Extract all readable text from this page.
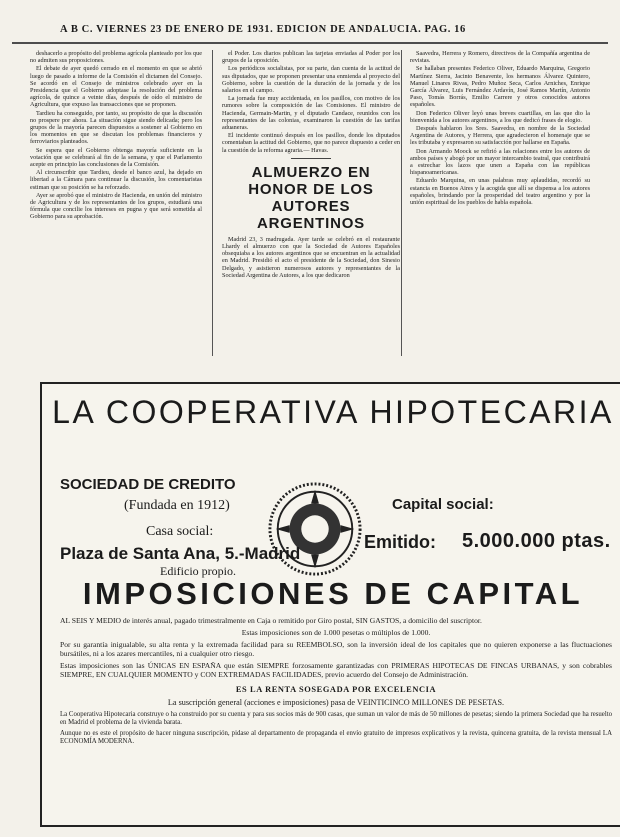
A B C. VIERNES 23 DE ENERO DE 1931. EDICION DE ANDALUCIA. PAG. 16

deshacerlo a propósito del problema agrícola planteado por los que no admiten sus proposiciones.

El debate de ayer quedó cerrado en el momento en que se abrió luego de pasado a informe de la Comisión el dictamen del Consejo. Se acordó en el Consejo de ministros celebrado ayer en la Presidencia que el Gobierno adoptase la resolución del problema agrícola, de quince a veinte días, después de oído el ministro de Agricultura, que expuso las transacciones que se proponen.

Tardieu ha conseguido, por tanto, su propósito de que la discusión no prospere por ahora. La situación sigue siendo delicada; pero los grupos de la mayoría parecen dispuestos a sostener al Gobierno en los momentos en que se discutan los problemas financieros y ferroviarios planteados.

Se espera que el Gobierno obtenga mayoría suficiente en la votación que se celebrará al fin de la semana, y que el Parlamento acepte en principio las conclusiones de la Comisión.

Al circunscribir que Tardieu, desde el banco azul, ha dejado en libertad a la Cámara para continuar la discusión, los comentaristas estiman que su posición se ha reforzado.

Ayer se aprobó que el ministro de Hacienda, en unión del ministro de Agricultura y de los representantes de los grupos, estudiará una fórmula que concilie los intereses en pugna y que será sometida al Gobierno para su aprobación.

el Poder. Los diarios publican las tarjetas enviadas al Poder por los grupos de la oposición.

Los periódicos socialistas, por su parte, dan cuenta de la actitud de sus diputados, que se proponen presentar una enmienda al proyecto del Gobierno, sobre la cuestión de la duración de la jornada y de los salarios en el campo.

La jornada fue muy accidentada, en los pasillos, con motivo de los rumores sobre la composición de las Comisiones. El ministro de Hacienda, Germain-Martin, y el diputado Candace, reunidos con los representantes de las colonias, examinaron la cuestión de las tarifas aduaneras.

El incidente continuó después en los pasillos, donde los diputados comentaban la actitud del Gobierno, que no parece dispuesto a ceder en la cuestión de la reforma agraria.— Havas.

ALMUERZO EN HONOR DE LOS AUTORES ARGENTINOS

Madrid 23, 3 madrugada. Ayer tarde se celebró en el restaurante Lhardy el almuerzo con que la Sociedad de Autores Españoles obsequiaba a los autores argentinos que se encuentran en la actualidad en Madrid. Presidió el acto el presidente de la Sociedad, don Sinesio Delgado, y asistieron numerosos autores y representantes de la Sociedad Argentina de Autores, a los que dedicaron

Saavedra, Herrera y Romero, directivos de la Compañía argentina de revistas.

Se hallaban presentes Federico Oliver, Eduardo Marquina, Gregorio Martínez Sierra, Jacinto Benavente, los hermanos Álvarez Quintero, Manuel Linares Rivas, Pedro Muñoz Seca, Carlos Arniches, Enrique García Álvarez, Luis Fernández Ardavín, José Ramos Martín, Antonio Paso, Tomás Borrás, Emilio Carrere y otros conocidos autores españoles.

Don Federico Oliver leyó unas breves cuartillas, en las que dio la bienvenida a los autores argentinos, a los que dedicó frases de elogio.

Después hablaron los Sres. Saavedra, en nombre de la Sociedad Argentina de Autores, y Herrera, que agradecieron el homenaje que se les tributaba y expresaron su satisfacción por hallarse en España.

Don Armando Moock se refirió a las relaciones entre los autores de ambos países y abogó por un mayor intercambio teatral, que contribuirá a estrechar los lazos que unen a España con las repúblicas hispanoamericanas.

Eduardo Marquina, en unas palabras muy aplaudidas, recordó su estancia en Buenos Aires y la acogida que allí se dispensa a los autores españoles, brindando por la prosperidad del teatro argentino y por la unión espiritual de los pueblos de habla española.

LA COOPERATIVA HIPOTECARIA
SOCIEDAD DE CREDITO
(Fundada en 1912)	Capital social:
Emitido: 5.000.000 ptas.
Casa social:
Plaza de Santa Ana, 5.-Madrid
Edificio propio.
IMPOSICIONES DE CAPITAL

AL SEIS Y MEDIO de interés anual, pagado trimestralmente en Caja o remitido por Giro postal, SIN GASTOS, a domicilio del suscriptor.

Estas imposiciones son de 1.000 pesetas o múltiplos de 1.000.

Por su garantía inigualable, su alta renta y la extremada facilidad para su REEMBOLSO, son la inversión ideal de los capitales que no quieren exponerse a las fluctuaciones bursátiles, ni a los azares mercantiles, ni a cualquier otro riesgo.

Estas imposiciones son las ÚNICAS EN ESPAÑA que están SIEMPRE forzosamente garantizadas con PRIMERAS HIPOTECAS DE FINCAS URBANAS, y son cobrables SIEMPRE, EN CUALQUIER MOMENTO y CON EXTREMADAS FACILIDADES, previo acuerdo del Consejo de Administración.

ES LA RENTA SOSEGADA POR EXCELENCIA

La suscripción general (acciones e imposiciones) pasa de VEINTICINCO MILLONES DE PESETAS.

La Cooperativa Hipotecaria construye o ha construido por su cuenta y para sus socios más de 900 casas, que suman un valor de más de 50 millones de pesetas; siendo la primera Sociedad que ha resuelto en Madrid el problema de la vivienda barata.

Aunque no es este el propósito de hacer ninguna suscripción, pidase al departamento de propaganda el envío gratuito de impresos explicativos y la revista, quincena gratuita, de la revista mensual LA ECONOMÍA MODERNA.
